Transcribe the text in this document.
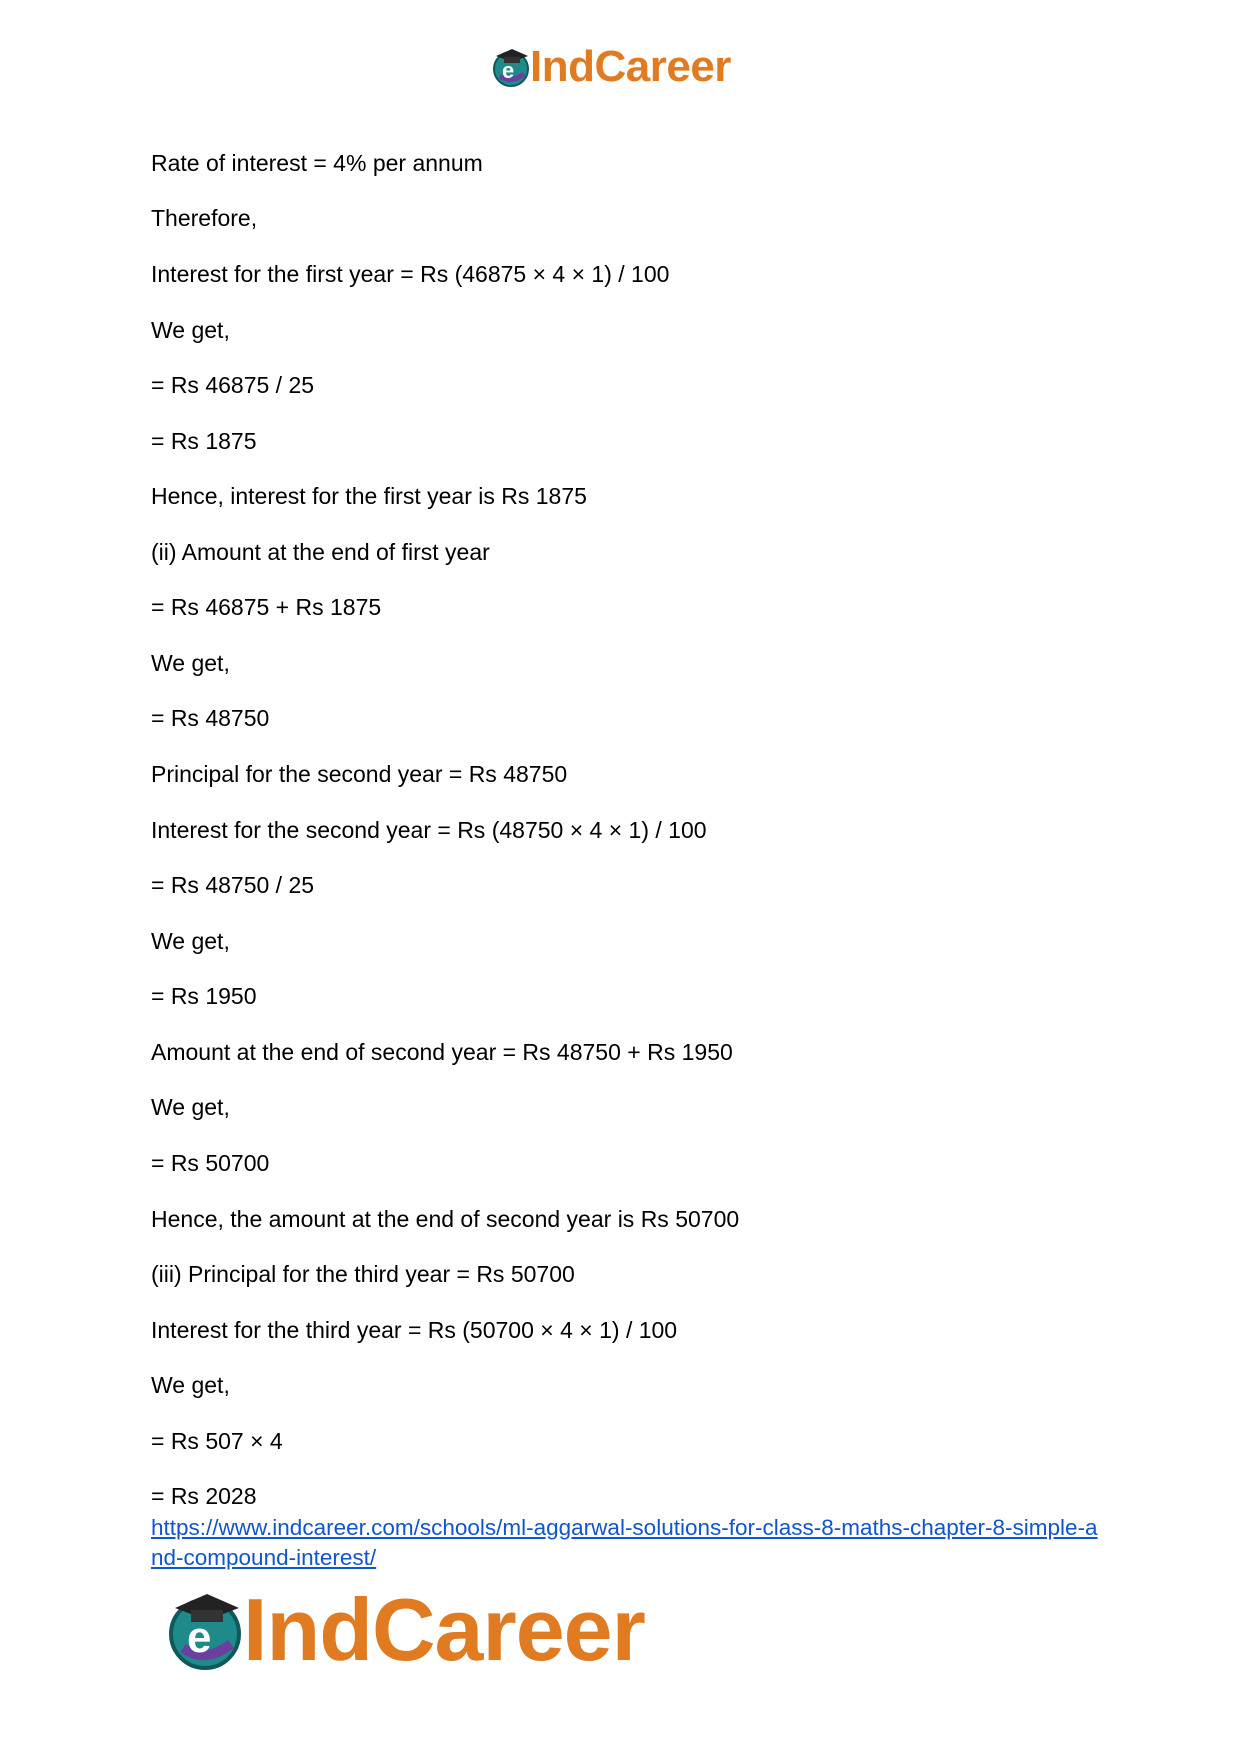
e IndCareer
Rate of interest = 4% per annum
Therefore,
Interest for the first year = Rs (46875 × 4 × 1) / 100
We get,
= Rs 46875 / 25
= Rs 1875
Hence, interest for the first year is Rs 1875
(ii) Amount at the end of first year
= Rs 46875 + Rs 1875
We get,
= Rs 48750
Principal for the second year = Rs 48750
Interest for the second year = Rs (48750 × 4 × 1) / 100
= Rs 48750 / 25
We get,
= Rs 1950
Amount at the end of second year = Rs 48750 + Rs 1950
We get,
= Rs 50700
Hence, the amount at the end of second year is Rs 50700
(iii) Principal for the third year = Rs 50700
Interest for the third year = Rs (50700 × 4 × 1) / 100
We get,
= Rs 507 × 4
= Rs 2028
https://www.indcareer.com/schools/ml-aggarwal-solutions-for-class-8-maths-chapter-8-simple-and-compound-interest/
e IndCareer
